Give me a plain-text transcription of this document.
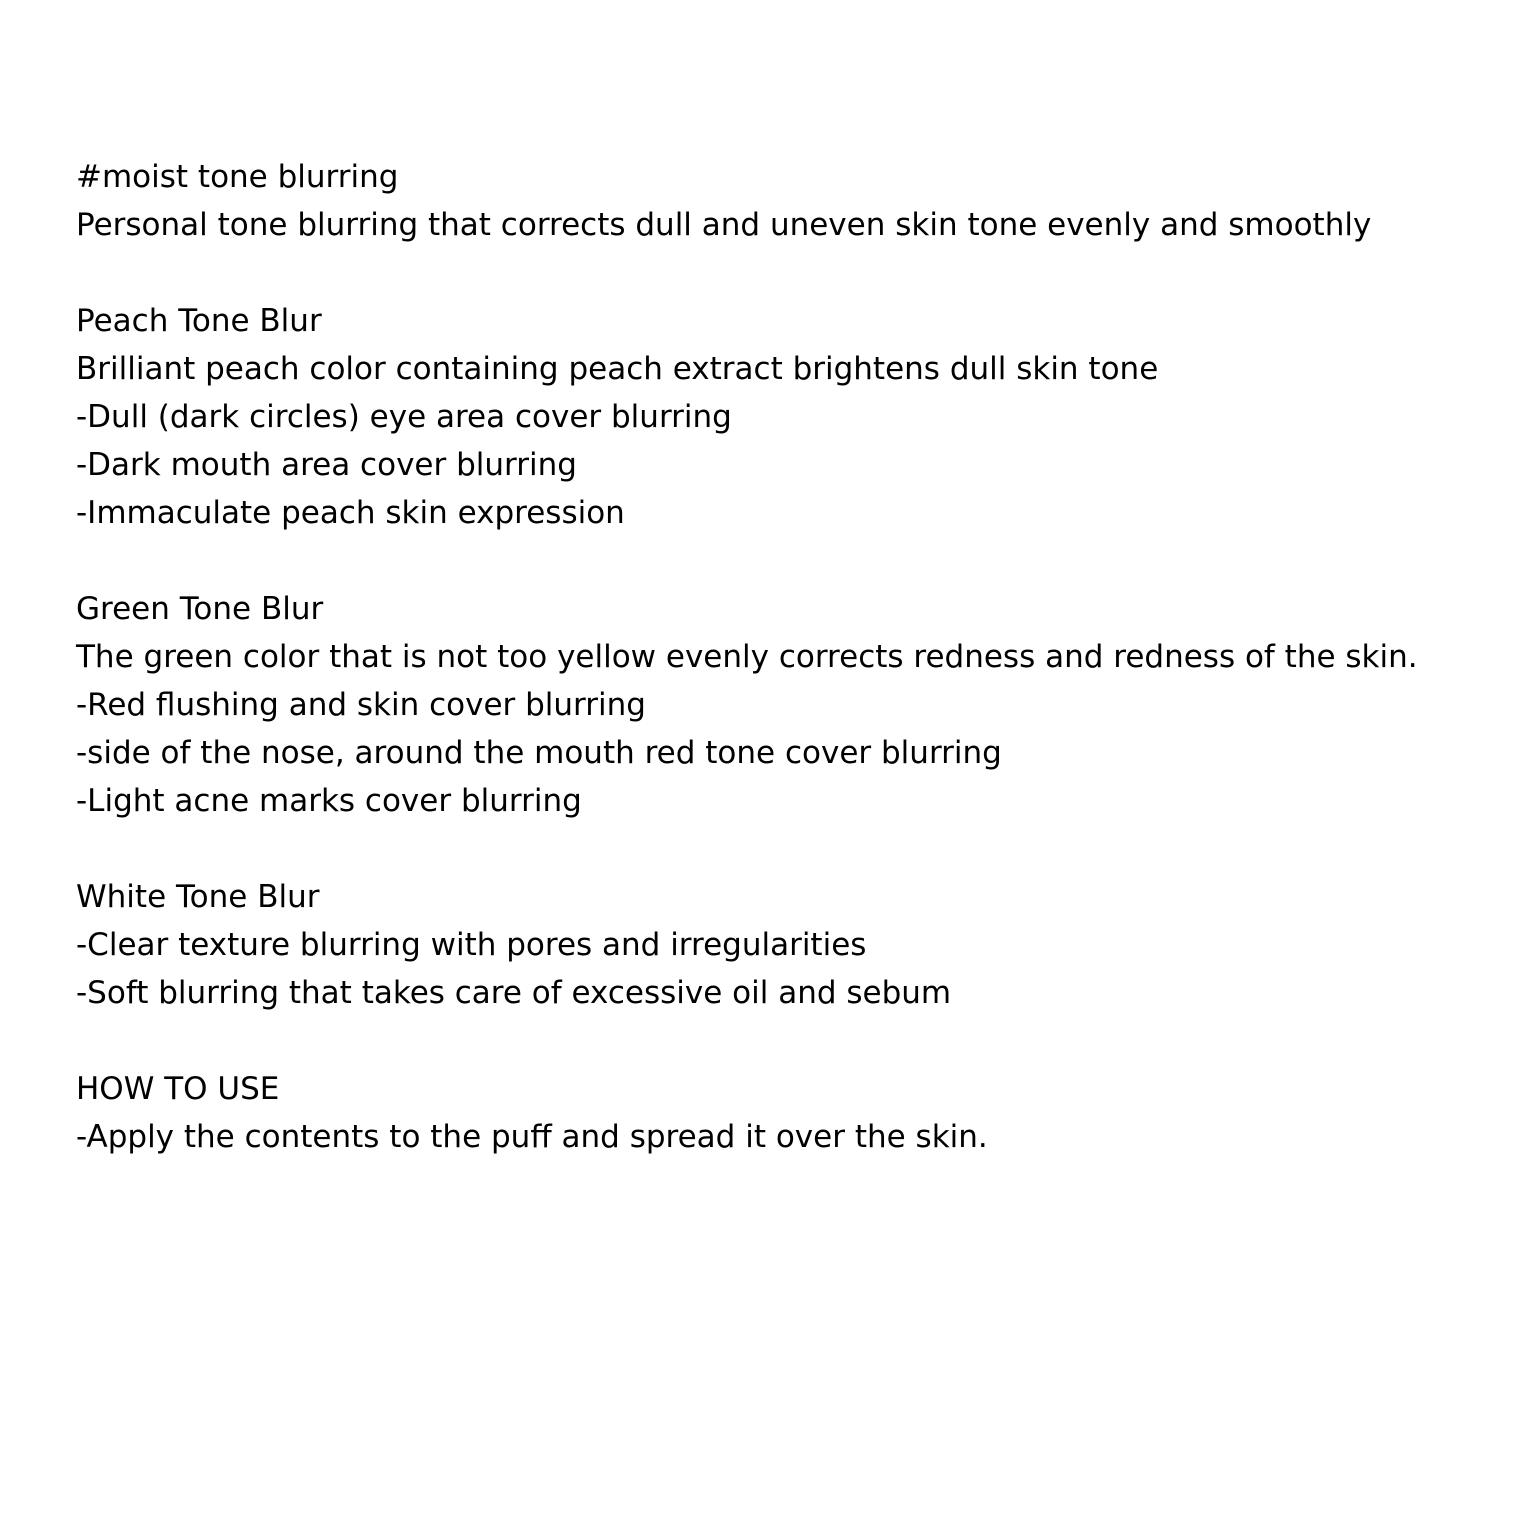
#moist tone blurring

Personal tone blurring that corrects dull and uneven skin tone evenly and smoothly

Peach Tone Blur

Brilliant peach color containing peach extract brightens dull skin tone

-Dull (dark circles) eye area cover blurring

-Dark mouth area cover blurring

-Immaculate peach skin expression

Green Tone Blur

The green color that is not too yellow evenly corrects redness and redness of the skin.

-Red flushing and skin cover blurring

-side of the nose, around the mouth red tone cover blurring

-Light acne marks cover blurring

White Tone Blur

-Clear texture blurring with pores and irregularities

-Soft blurring that takes care of excessive oil and sebum

HOW TO USE

-Apply the contents to the puff and spread it over the skin.
